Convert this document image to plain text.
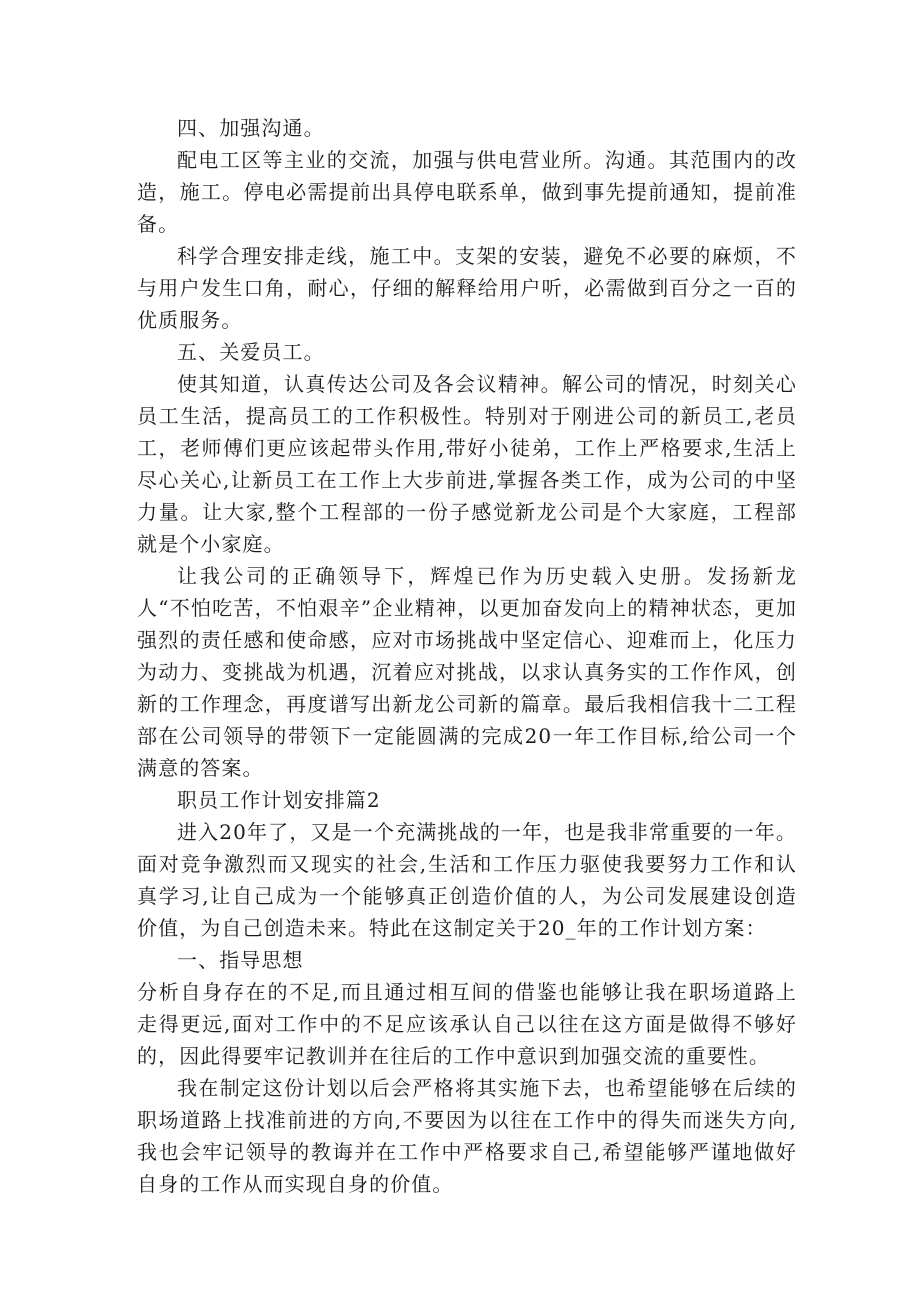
四、加强沟通。

配电工区等主业的交流，加强与供电营业所。沟通。其范围内的改造，施工。停电必需提前出具停电联系单，做到事先提前通知，提前准备。

科学合理安排走线，施工中。支架的安装，避免不必要的麻烦，不与用户发生口角，耐心，仔细的解释给用户听，必需做到百分之一百的优质服务。

五、关爱员工。

使其知道，认真传达公司及各会议精神。解公司的情况，时刻关心员工生活，提高员工的工作积极性。特别对于刚进公司的新员工,老员工，老师傅们更应该起带头作用,带好小徒弟，工作上严格要求,生活上尽心关心,让新员工在工作上大步前进,掌握各类工作，成为公司的中坚力量。让大家,整个工程部的一份子感觉新龙公司是个大家庭，工程部就是个小家庭。

让我公司的正确领导下，辉煌已作为历史载入史册。发扬新龙人“不怕吃苦，不怕艰辛”企业精神，以更加奋发向上的精神状态，更加强烈的责任感和使命感，应对市场挑战中坚定信心、迎难而上，化压力为动力、变挑战为机遇，沉着应对挑战，以求认真务实的工作作风，创新的工作理念，再度谱写出新龙公司新的篇章。最后我相信我十二工程部在公司领导的带领下一定能圆满的完成20一年工作目标,给公司一个满意的答案。

职员工作计划安排篇2

进入20年了，又是一个充满挑战的一年，也是我非常重要的一年。面对竞争激烈而又现实的社会,生活和工作压力驱使我要努力工作和认真学习,让自己成为一个能够真正创造价值的人，为公司发展建设创造价值，为自己创造未来。特此在这制定关于20_年的工作计划方案：

一、指导思想

分析自身存在的不足,而且通过相互间的借鉴也能够让我在职场道路上走得更远,面对工作中的不足应该承认自己以往在这方面是做得不够好的，因此得要牢记教训并在往后的工作中意识到加强交流的重要性。

我在制定这份计划以后会严格将其实施下去，也希望能够在后续的职场道路上找准前进的方向,不要因为以往在工作中的得失而迷失方向,我也会牢记领导的教诲并在工作中严格要求自己,希望能够严谨地做好自身的工作从而实现自身的价值。
